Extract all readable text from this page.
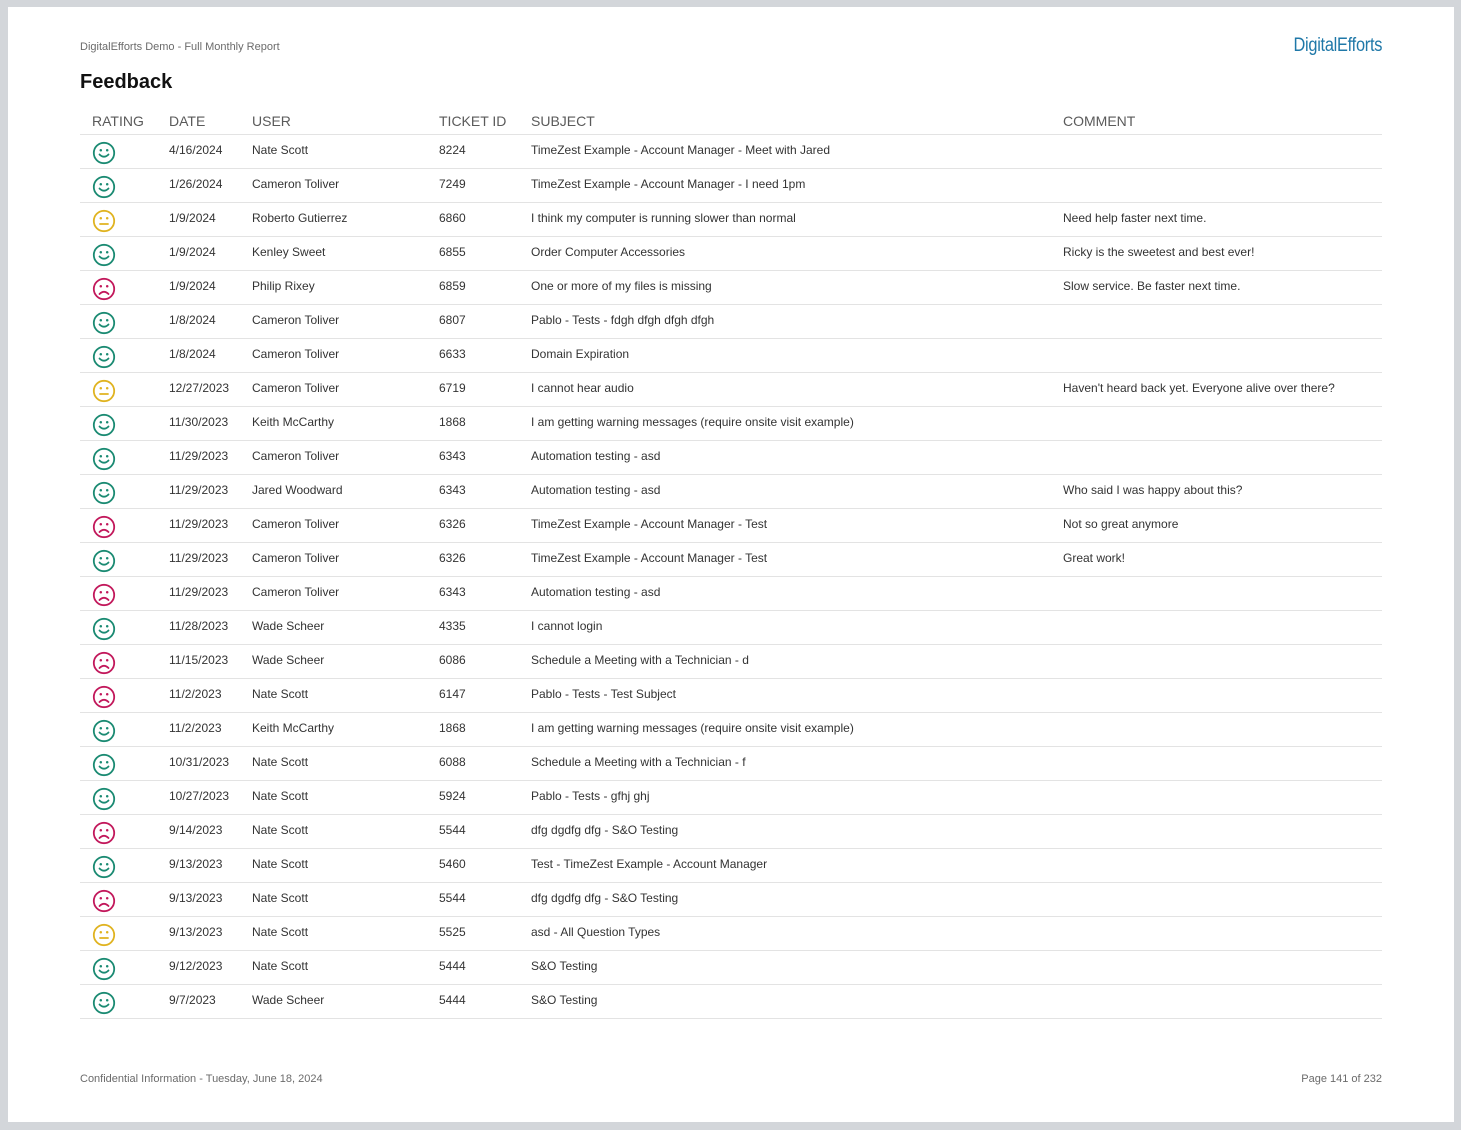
DigitalEfforts Demo - Full Monthly Report	DigitalEfforts
Feedback
RATING	DATE	USER	TICKET ID	SUBJECT	COMMENT

	4/16/2024	Nate Scott	8224	TimeZest Example - Account Manager - Meet with Jared	

	1/26/2024	Cameron Toliver	7249	TimeZest Example - Account Manager - I need 1pm	

	1/9/2024	Roberto Gutierrez	6860	I think my computer is running slower than normal	Need help faster next time.

	1/9/2024	Kenley Sweet	6855	Order Computer Accessories	Ricky is the sweetest and best ever!

	1/9/2024	Philip Rixey	6859	One or more of my files is missing	Slow service. Be faster next time.

	1/8/2024	Cameron Toliver	6807	Pablo - Tests - fdgh dfgh dfgh dfgh	

	1/8/2024	Cameron Toliver	6633	Domain Expiration	

	12/27/2023	Cameron Toliver	6719	I cannot hear audio	Haven't heard back yet. Everyone alive over there?

	11/30/2023	Keith McCarthy	1868	I am getting warning messages (require onsite visit example)	

	11/29/2023	Cameron Toliver	6343	Automation testing - asd	

	11/29/2023	Jared Woodward	6343	Automation testing - asd	Who said I was happy about this?

	11/29/2023	Cameron Toliver	6326	TimeZest Example - Account Manager - Test	Not so great anymore

	11/29/2023	Cameron Toliver	6326	TimeZest Example - Account Manager - Test	Great work!

	11/29/2023	Cameron Toliver	6343	Automation testing - asd	

	11/28/2023	Wade Scheer	4335	I cannot login	

	11/15/2023	Wade Scheer	6086	Schedule a Meeting with a Technician - d	

	11/2/2023	Nate Scott	6147	Pablo - Tests - Test Subject	

	11/2/2023	Keith McCarthy	1868	I am getting warning messages (require onsite visit example)	

	10/31/2023	Nate Scott	6088	Schedule a Meeting with a Technician - f	

	10/27/2023	Nate Scott	5924	Pablo - Tests - gfhj ghj	

	9/14/2023	Nate Scott	5544	dfg dgdfg dfg - S&O Testing	

	9/13/2023	Nate Scott	5460	Test - TimeZest Example - Account Manager	

	9/13/2023	Nate Scott	5544	dfg dgdfg dfg - S&O Testing	

	9/13/2023	Nate Scott	5525	asd - All Question Types	

	9/12/2023	Nate Scott	5444	S&O Testing	

	9/7/2023	Wade Scheer	5444	S&O Testing	
Confidential Information - Tuesday, June 18, 2024	Page 141 of 232
